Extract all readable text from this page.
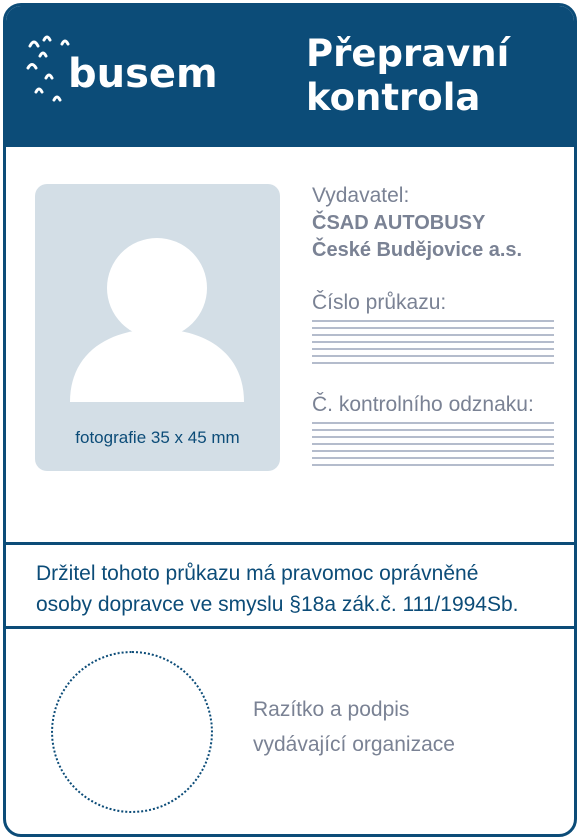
busem Přepravní
kontrola
fotografie 35 x 45 mm
Vydavatel:
ČSAD AUTOBUSY
České Budějovice a.s.
Číslo průkazu:
Č. kontrolního odznaku:
Držitel tohoto průkazu má pravomoc oprávněné
osoby dopravce ve smyslu §18a zák.č. 111/1994Sb.
Razítko a podpis
vydávající organizace
